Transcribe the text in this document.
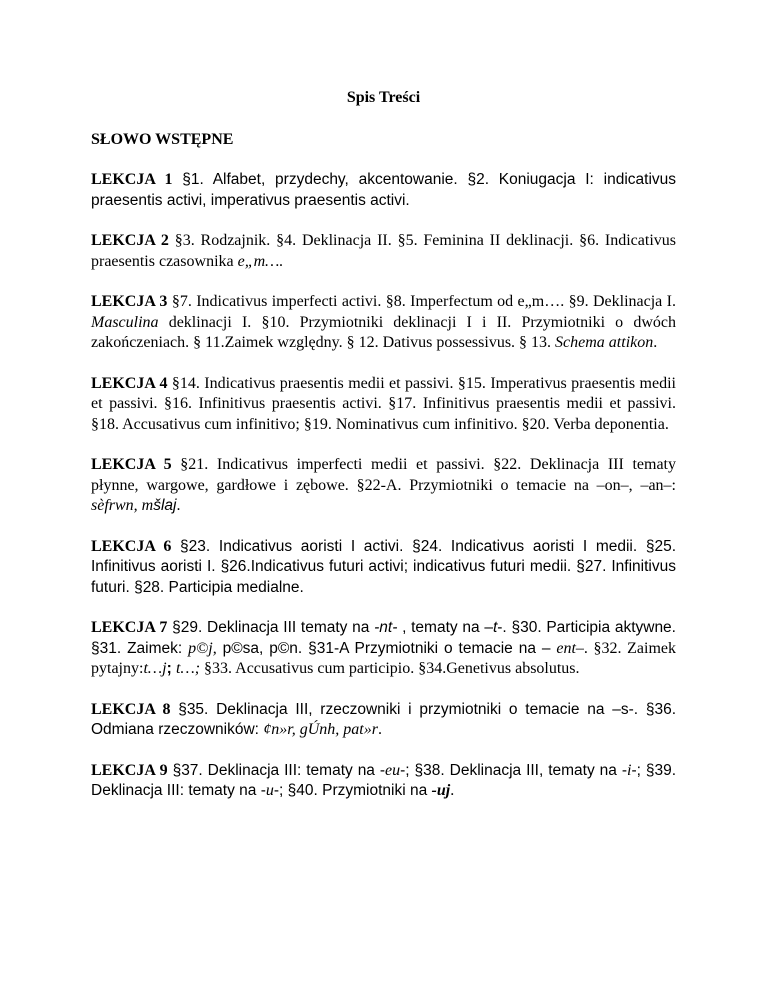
Spis Treści

SŁOWO WSTĘPNE

LEKCJA 1 §1. Alfabet, przydechy, akcentowanie. §2. Koniugacja I: indicativus praesentis activi, imperativus praesentis activi.

LEKCJA 2 §3. Rodzajnik. §4. Deklinacja II. §5. Feminina II deklinacji. §6. Indicativus praesentis czasownika e„m….

LEKCJA 3 §7. Indicativus imperfecti activi. §8. Imperfectum od e„m…. §9. Deklinacja I. Masculina deklinacji I. §10. Przymiotniki deklinacji I i II. Przymiotniki o dwóch zakończeniach. § 11.Zaimek względny. § 12. Dativus possessivus. § 13. Schema attikon.

LEKCJA 4 §14. Indicativus praesentis medii et passivi. §15. Imperativus praesentis medii et passivi. §16. Infinitivus praesentis activi. §17. Infinitivus praesentis medii et passivi. §18. Accusativus cum infinitivo; §19. Nominativus cum infinitivo. §20. Verba deponentia.

LEKCJA 5 §21. Indicativus imperfecti medii et passivi. §22. Deklinacja III tematy płynne, wargowe, gardłowe i zębowe. §22-A. Przymiotniki o temacie na –on–, –an–: sèfrwn, mšlaj.

LEKCJA 6 §23. Indicativus aoristi I activi. §24. Indicativus aoristi I medii. §25. Infinitivus aoristi I. §26.Indicativus futuri activi; indicativus futuri medii. §27. Infinitivus futuri. §28. Participia medialne.

LEKCJA 7 §29. Deklinacja III tematy na -nt- , tematy na –t-. §30. Participia aktywne. §31. Zaimek: p©j, p©sa, p©n. §31-A Przymiotniki o temacie na – ent–. §32. Zaimek pytajny:t…j; t…; §33. Accusativus cum participio. §34.Genetivus absolutus.

LEKCJA 8 §35. Deklinacja III, rzeczowniki i przymiotniki o temacie na –s-. §36. Odmiana rzeczowników: ¢n»r, gÚnh, pat»r.

LEKCJA 9 §37. Deklinacja III: tematy na -eu-; §38. Deklinacja III, tematy na -i-; §39. Deklinacja III: tematy na -u-; §40. Przymiotniki na -uj.
